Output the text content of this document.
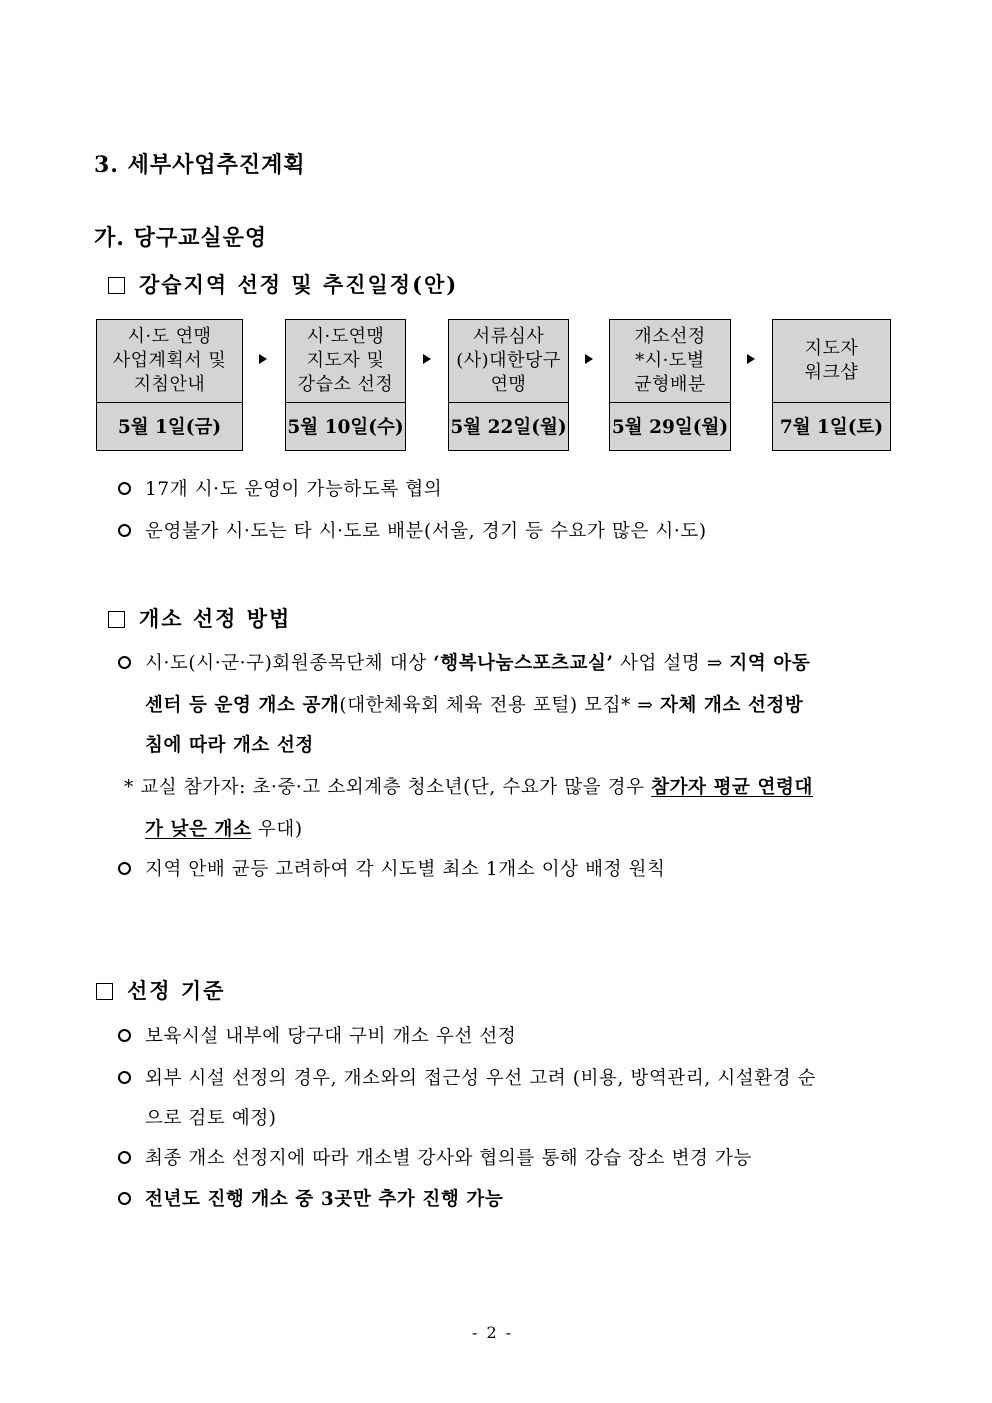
3. 세부사업추진계획
가. 당구교실운영
강습지역 선정 및 추진일정(안)
시·도 연맹
사업계획서 및
지침안내
5월 1일(금)
시·도연맹
지도자 및
강습소 선정
5월 10일(수)
서류심사
(사)대한당구
연맹
5월 22일(월)
개소선정
*시·도별
균형배분
5월 29일(월)
지도자
워크샵
7월 1일(토)
17개 시·도 운영이 가능하도록 협의
운영불가 시·도는 타 시·도로 배분(서울, 경기 등 수요가 많은 시·도)
개소 선정 방법
시·도(시·군·구)회원종목단체 대상 ‘행복나눔스포츠교실’ 사업 설명 ⇒ 지역 아동
센터 등 운영 개소 공개(대한체육회 체육 전용 포털) 모집* ⇒ 자체 개소 선정방
침에 따라 개소 선정
* 교실 참가자: 초·중·고 소외계층 청소년(단, 수요가 많을 경우 참가자 평균 연령대
가 낮은 개소 우대)
지역 안배 균등 고려하여 각 시도별 최소 1개소 이상 배정 원칙
선정 기준
보육시설 내부에 당구대 구비 개소 우선 선정
외부 시설 선정의 경우, 개소와의 접근성 우선 고려 (비용, 방역관리, 시설환경 순
으로 검토 예정)
최종 개소 선정지에 따라 개소별 강사와 협의를 통해 강습 장소 변경 가능
전년도 진행 개소 중 3곳만 추가 진행 가능
- 2 -
